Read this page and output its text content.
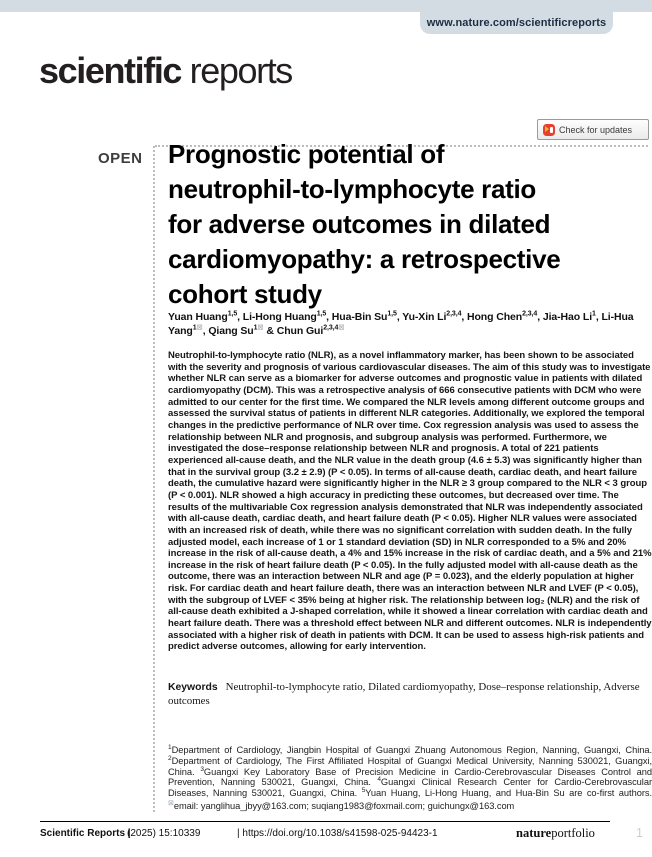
www.nature.com/scientificreports
scientific reports
Check for updates
OPEN Prognostic potential of
neutrophil-to-lymphocyte ratio
for adverse outcomes in dilated
cardiomyopathy: a retrospective
cohort study
Yuan Huang$^{1,5}$, Li-Hong Huang$^{1,5}$, Hua-Bin Su$^{1,5}$, Yu-Xin Li$^{2,3,4}$, Hong Chen$^{2,3,4}$, Jia-Hao Li$^1$, Li-Hua Yang$^{1⊠}$, Qiang $Su^{1⊠}$ & Chun Gui$^{2,3,4⊠}$
Neutrophil-to-lymphocyte ratio (NLR), as a novel inflammatory marker, has been shown to be associated with the severity and prognosis of various cardiovascular diseases. The aim of this study was to investigate whether NLR can serve as a biomarker for adverse outcomes and prognostic value in patients with dilated cardiomyopathy (DCM). This was a retrospective analysis of 666 consecutive patients with DCM who were admitted to our center for the first time. We compared the NLR levels among different outcome groups and assessed the survival status of patients in different NLR categories. Additionally, we explored the temporal changes in the predictive performance of NLR over time. Cox regression analysis was used to assess the relationship between NLR and prognosis, and subgroup analysis was performed. Furthermore, we investigated the dose–response relationship between NLR and prognosis. A total of 221 patients experienced all-cause death, and the NLR value in the death group (4.6 ± 5.3) was significantly higher than that in the survival group (3.2 ± 2.9) (P < 0.05). In terms of all-cause death, cardiac death, and heart failure death, the cumulative hazard were significantly higher in the NLR ≥ 3 group compared to the NLR < 3 group (P < 0.001). NLR showed a high accuracy in predicting these outcomes, but decreased over time. The results of the multivariable Cox regression analysis demonstrated that NLR was independently associated with all-cause death, cardiac death, and heart failure death (P < 0.05). Higher NLR values were associated with an increased risk of death, while there was no significant correlation with sudden death. In the fully adjusted model, each increase of 1 or 1 standard deviation (SD) in NLR corresponded to a 5% and 20% increase in the risk of all-cause death, a 4% and 15% increase in the risk of cardiac death, and a 5% and 21% increase in the risk of heart failure death (P < 0.05). In the fully adjusted model with all-cause death as the outcome, there was an interaction between NLR and age (P = 0.023), and the elderly population at higher risk. For cardiac death and heart failure death, there was an interaction between NLR and LVEF (P < 0.05), with the subgroup of LVEF < 35% being at higher risk. The relationship between log₂ (NLR) and the risk of all-cause death exhibited a J-shaped correlation, while it showed a linear correlation with cardiac death and heart failure death. There was a threshold effect between NLR and different outcomes. NLR is independently associated with a higher risk of death in patients with DCM. It can be used to assess high-risk patients and predict adverse outcomes, allowing for early intervention.
Keywords Neutrophil-to-lymphocyte ratio, Dilated cardiomyopathy, Dose–response relationship, Adverse outcomes
$^1$Department of Cardiology, Jiangbin Hospital of Guangxi Zhuang Autonomous Region, Nanning, Guangxi, China. $^2$Department of Cardiology, The First Affiliated Hospital of Guangxi Medical University, Nanning 530021, Guangxi, China. $^3$Guangxi Key Laboratory Base of Precision Medicine in Cardio-Cerebrovascular Diseases Control and Prevention, Nanning 530021, Guangxi, China. $^4$Guangxi Clinical Research Center for Cardio-Cerebrovascular Diseases, Nanning 530021, Guangxi, China. $^5$Yuan Huang, Li-Hong Huang, and Hua-Bin Su are co-first authors. ⊠email: yanglihua_jbyy@163.com; suqiang1983@foxmail.com; guichungx@163.com
Scientific Reports |
(2025) 15:10339	| https://doi.org/10.1038/s41598-025-94423-1	natureportfolio	1
